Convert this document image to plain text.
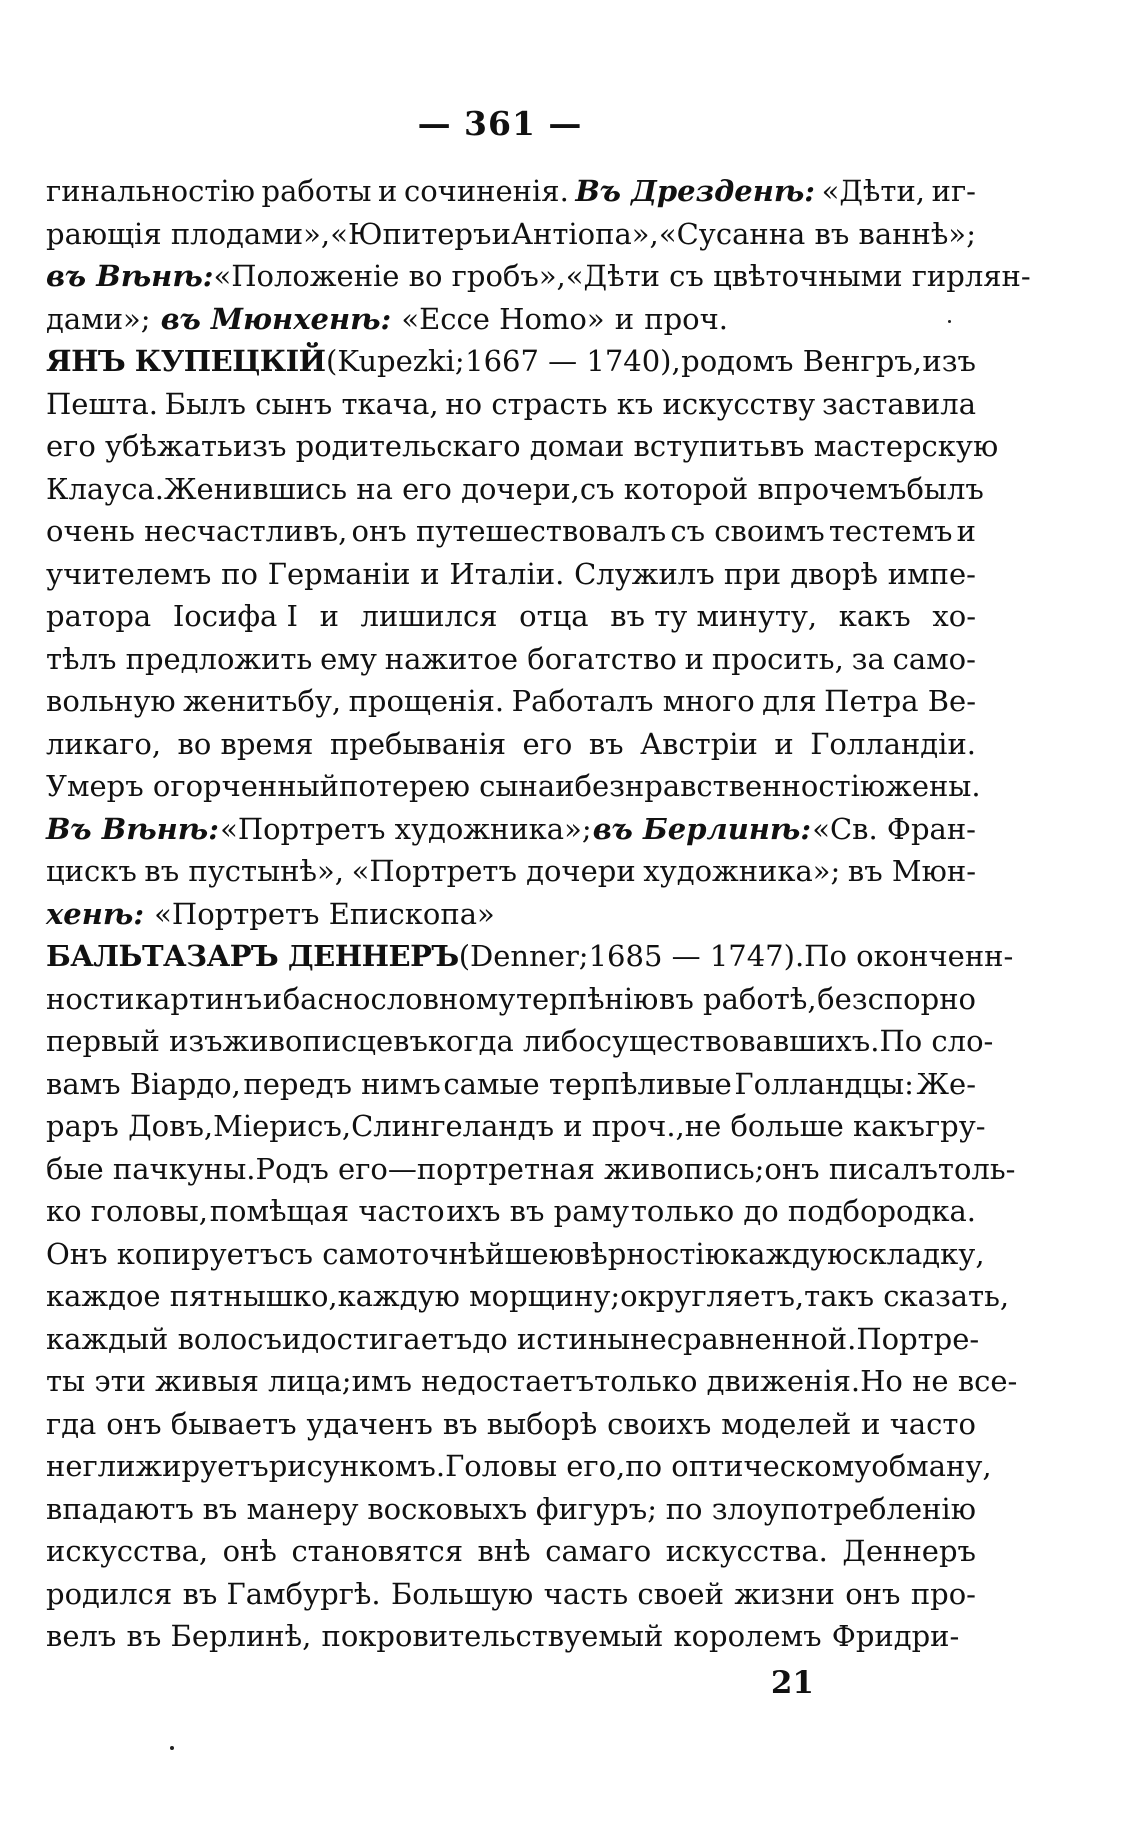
— 361 —
гинальностію работы и сочиненія. Въ Дрезденѣ: «Дѣти, иг-
рающія плодами», «Юпитеръ и Антіопа», «Сусанна въ ваннѣ» ;
въ Вѣнѣ: «Положеніе во гробъ», «Дѣти съ цвѣточными гирлян-
дами»; въ Мюнхенѣ: «Ecce Homo» и проч.
ЯНЪ КУПЕЦКІЙ (Kupezki; 1667 — 1740), родомъ Венгръ, изъ
Пешта. Былъ сынъ ткача, но страсть къ искусству заставила
его убѣжать изъ родительскаго дома и вступить въ мастерскую
Клауса. Женившись на его дочери, съ которой впрочемъ былъ
очень несчастливъ, онъ путешествовалъ съ своимъ тестемъ и
учителемъ по Германіи и Италіи. Служилъ при дворѣ импе-
ратора Іосифа I и лишился отца въ ту минуту, какъ хо-
тѣлъ предложить ему нажитое богатство и просить, за само-
вольную женитьбу, прощенія. Работалъ много для Петра Ве-
ликаго, во время пребыванія его въ Австріи и Голландіи.
Умеръ огорченный потерею сына и безнравственностію жены.
Въ Вѣнѣ: «Портретъ художника»; въ Берлинѣ: «Св. Фран-
цискъ въ пустынѣ», «Портретъ дочери художника»; въ Мюн-
хенѣ: «Портретъ Епископа»
БАЛЬТАЗАРЪ ДЕННЕРЪ (Denner; 1685 — 1747). По оконченн-
ности картинъ и баснословному терпѣнію въ работѣ, безспорно
первый изъ живописцевъ когда либо существовавшихъ. По сло-
вамъ Віардо, передъ нимъ самые терпѣливые Голландцы: Же-
раръ Довъ, Міерисъ, Слингеландъ и проч., не больше какъ гру-
бые пачкуны. Родъ его—портретная живопись; онъ писалъ толь-
ко головы, помѣщая часто ихъ въ раму только до подбородка.
Онъ копируетъ съ самоточнѣйшею вѣрностію каждую складку,
каждое пятнышко, каждую морщину; округляетъ, такъ сказать,
каждый волосъ и достигаетъ до истины несравненной. Портре-
ты эти живыя лица; имъ недостаетъ только движенія. Но не все-
гда онъ бываетъ удаченъ въ выборѣ своихъ моделей и часто
неглижируетъ рисункомъ. Головы его, по оптическому обману,
впадаютъ въ манеру восковыхъ фигуръ; по злоупотребленію
искусства, онѣ становятся внѣ самаго искусства. Деннеръ
родился въ Гамбургѣ. Большую часть своей жизни онъ про-
велъ въ Берлинѣ, покровительствуемый королемъ Фридри-
21
